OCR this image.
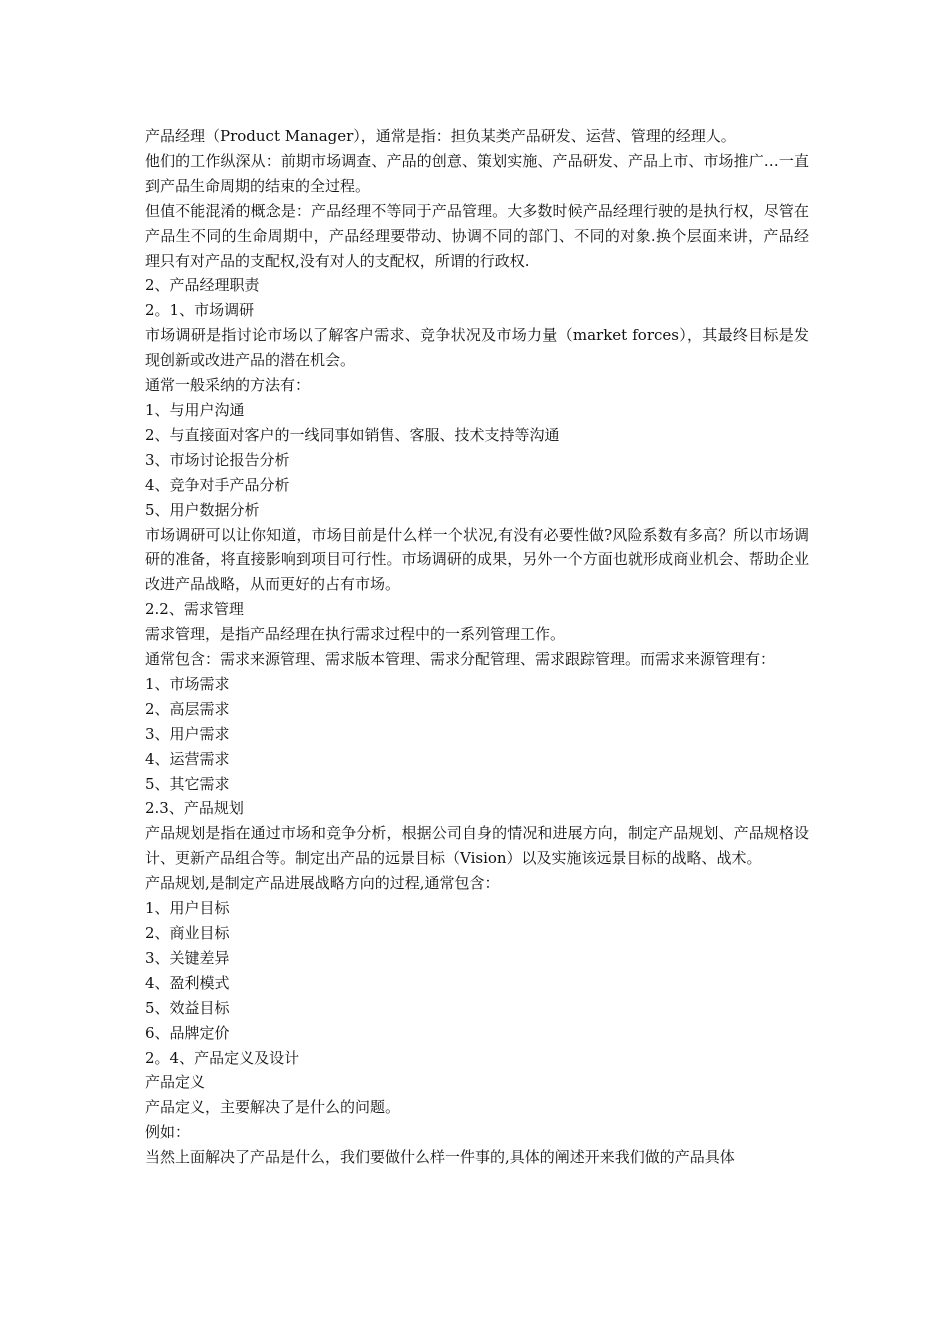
产品经理（Product Manager），通常是指：担负某类产品研发、运营、管理的经理人。

他们的工作纵深从：前期市场调查、产品的创意、策划实施、产品研发、产品上市、市场推广…一直到产品生命周期的结束的全过程。

但值不能混淆的概念是：产品经理不等同于产品管理。大多数时候产品经理行驶的是执行权，尽管在产品生不同的生命周期中，产品经理要带动、协调不同的部门、不同的对象.换个层面来讲，产品经理只有对产品的支配权,没有对人的支配权，所谓的行政权.

2、产品经理职责

2。1、市场调研

市场调研是指讨论市场以了解客户需求、竞争状况及市场力量（market forces），其最终目标是发现创新或改进产品的潜在机会。

通常一般采纳的方法有：

1、与用户沟通

2、与直接面对客户的一线同事如销售、客服、技术支持等沟通

3、市场讨论报告分析

4、竞争对手产品分析

5、用户数据分析

市场调研可以让你知道，市场目前是什么样一个状况,有没有必要性做?风险系数有多高？所以市场调研的准备，将直接影响到项目可行性。市场调研的成果，另外一个方面也就形成商业机会、帮助企业改进产品战略，从而更好的占有市场。

2.2、需求管理

需求管理，是指产品经理在执行需求过程中的一系列管理工作。

通常包含：需求来源管理、需求版本管理、需求分配管理、需求跟踪管理。而需求来源管理有：

1、市场需求

2、高层需求

3、用户需求

4、运营需求

5、其它需求

2.3、产品规划

产品规划是指在通过市场和竞争分析，根据公司自身的情况和进展方向，制定产品规划、产品规格设计、更新产品组合等。制定出产品的远景目标（Vision）以及实施该远景目标的战略、战术。

产品规划,是制定产品进展战略方向的过程,通常包含：

1、用户目标

2、商业目标

3、关键差异

4、盈利模式

5、效益目标

6、品牌定价

2。4、产品定义及设计

产品定义

产品定义，主要解决了是什么的问题。

例如：

当然上面解决了产品是什么，我们要做什么样一件事的,具体的阐述开来我们做的产品具体
